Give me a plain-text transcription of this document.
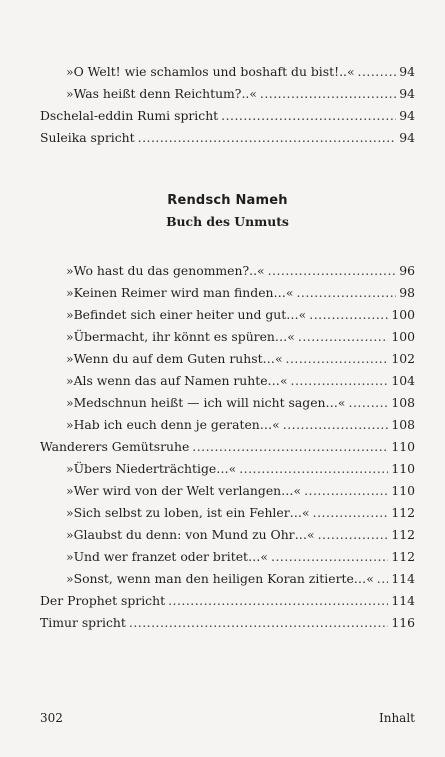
»O Welt! wie schamlos und boshaft du bist!..« .....	94
»Was heißt denn Reichtum?..« .....	94
Dschelal-eddin Rumi spricht .....	94
Suleika spricht .....	94
Rendsch Nameh
Buch des Unmuts
»Wo hast du das genommen?..« .....	96
»Keinen Reimer wird man finden…« .....	98
»Befindet sich einer heiter und gut…« .....	100
»Übermacht, ihr könnt es spüren…« .....	100
»Wenn du auf dem Guten ruhst…« .....	102
»Als wenn das auf Namen ruhte…« .....	104
»Medschnun heißt — ich will nicht sagen…« .....	108
»Hab ich euch denn je geraten…« .....	108
Wanderers Gemütsruhe .....	110
»Übers Niederträchtige…« .....	110
»Wer wird von der Welt verlangen…« .....	110
»Sich selbst zu loben, ist ein Fehler…« .....	112
»Glaubst du denn: von Mund zu Ohr…« .....	112
»Und wer franzet oder britet…« .....	112
»Sonst, wenn man den heiligen Koran zitierte…« ..... 114
Der Prophet spricht .....	114
Timur spricht .....	116
302	Inhalt
